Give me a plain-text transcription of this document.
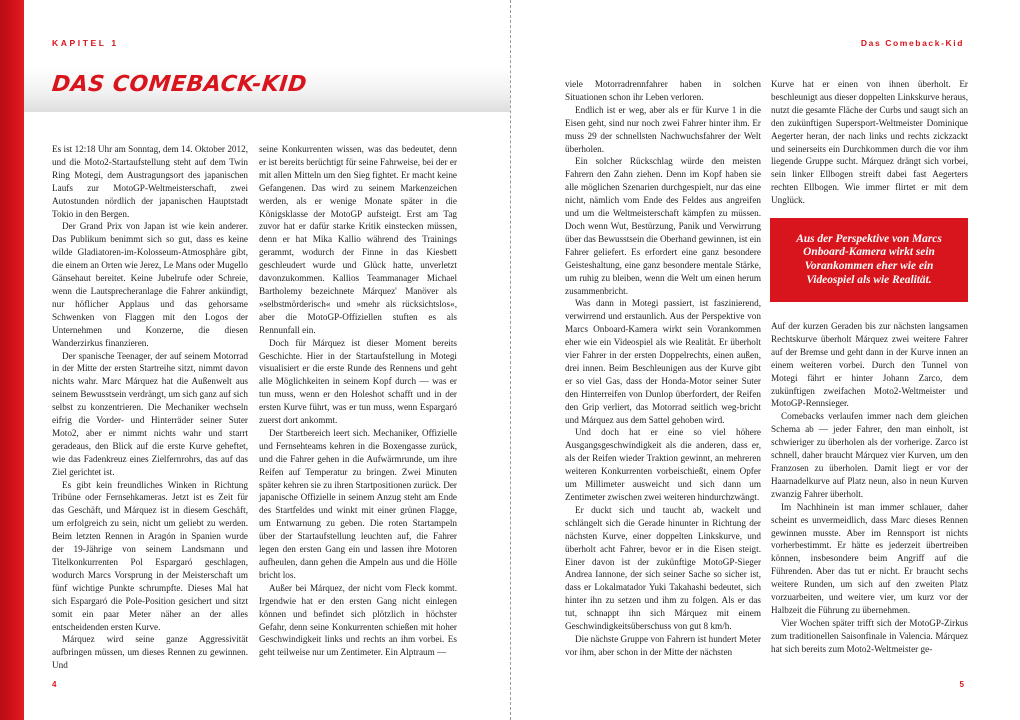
KAPITEL 1	Das Comeback-Kid
DAS COMEBACK-KID

Es ist 12:18 Uhr am Sonntag, dem 14. Oktober 2012, und die Moto2-Startaufstellung steht auf dem Twin Ring Motegi, dem Austragungsort des japanischen Laufs zur MotoGP-Weltmeisterschaft, zwei Autostunden nördlich der japanischen Hauptstadt Tokio in den Bergen.

Der Grand Prix von Japan ist wie kein anderer. Das Publikum benimmt sich so gut, dass es keine wilde Gladiatoren-im-Kolosseum-Atmosphäre gibt, die einem an Orten wie Jerez, Le Mans oder Mugello Gänsehaut bereitet. Keine Jubelrufe oder Schreie, wenn die Lautsprecheranlage die Fahrer ankündigt, nur höflicher Applaus und das gehorsame Schwenken von Flaggen mit den Logos der Unternehmen und Konzerne, die diesen Wanderzirkus finanzieren.

Der spanische Teenager, der auf seinem Motorrad in der Mitte der ersten Startreihe sitzt, nimmt davon nichts wahr. Marc Márquez hat die Außenwelt aus seinem Bewusstsein verdrängt, um sich ganz auf sich selbst zu konzentrieren. Die Mechaniker wechseln eifrig die Vorder- und Hinterräder seiner Suter Moto2, aber er nimmt nichts wahr und starrt geradeaus, den Blick auf die erste Kurve geheftet, wie das Fadenkreuz eines Zielfernrohrs, das auf das Ziel gerichtet ist.

Es gibt kein freundliches Winken in Richtung Tribüne oder Fernsehkameras. Jetzt ist es Zeit für das Geschäft, und Márquez ist in diesem Geschäft, um erfolgreich zu sein, nicht um geliebt zu werden. Beim letzten Rennen in Aragón in Spanien wurde der 19-Jährige von seinem Landsmann und Titelkonkurrenten Pol Espargaró geschlagen, wodurch Marcs Vorsprung in der Meisterschaft um fünf wichtige Punkte schrumpfte. Dieses Mal hat sich Espargaró die Pole-Position gesichert und sitzt somit ein paar Meter näher an der alles entscheidenden ersten Kurve.

Márquez wird seine ganze Aggressivität aufbringen müssen, um dieses Rennen zu gewinnen. Und

seine Konkurrenten wissen, was das bedeutet, denn er ist bereits berüchtigt für seine Fahrweise, bei der er mit allen Mitteln um den Sieg fightet. Er macht keine Gefangenen. Das wird zu seinem Markenzeichen werden, als er wenige Monate später in die Königsklasse der MotoGP aufsteigt. Erst am Tag zuvor hat er dafür starke Kritik einstecken müssen, denn er hat Mika Kallio während des Trainings gerammt, wodurch der Finne in das Kiesbett geschleudert wurde und Glück hatte, unverletzt davonzukommen. Kallios Teammanager Michael Bartholemy bezeichnete Márquez' Manöver als »selbstmörderisch« und »mehr als rücksichtslos«, aber die MotoGP-Offiziellen stuften es als Rennunfall ein.

Doch für Márquez ist dieser Moment bereits Geschichte. Hier in der Startaufstellung in Motegi visualisiert er die erste Runde des Rennens und geht alle Möglichkeiten in seinem Kopf durch — was er tun muss, wenn er den Holeshot schafft und in der ersten Kurve führt, was er tun muss, wenn Espargaró zuerst dort ankommt.

Der Startbereich leert sich. Mechaniker, Offizielle und Fernsehteams kehren in die Boxengasse zurück, und die Fahrer gehen in die Aufwärmrunde, um ihre Reifen auf Temperatur zu bringen. Zwei Minuten später kehren sie zu ihren Startpositionen zurück. Der japanische Offizielle in seinem Anzug steht am Ende des Startfeldes und winkt mit einer grünen Flagge, um Entwarnung zu geben. Die roten Startampeln über der Startaufstellung leuchten auf, die Fahrer legen den ersten Gang ein und lassen ihre Motoren aufheulen, dann gehen die Ampeln aus und die Hölle bricht los.

Außer bei Márquez, der nicht vom Fleck kommt. Irgendwie hat er den ersten Gang nicht einlegen können und befindet sich plötzlich in höchster Gefahr, denn seine Konkurrenten schießen mit hoher Geschwindigkeit links und rechts an ihm vorbei. Es geht teilweise nur um Zentimeter. Ein Alptraum —

viele Motorradrennfahrer haben in solchen Situationen schon ihr Leben verloren.

Endlich ist er weg, aber als er für Kurve 1 in die Eisen geht, sind nur noch zwei Fahrer hinter ihm. Er muss 29 der schnellsten Nachwuchsfahrer der Welt überholen.

Ein solcher Rückschlag würde den meisten Fahrern den Zahn ziehen. Denn im Kopf haben sie alle möglichen Szenarien durchgespielt, nur das eine nicht, nämlich vom Ende des Feldes aus angreifen und um die Weltmeisterschaft kämpfen zu müssen. Doch wenn Wut, Bestürzung, Panik und Verwirrung über das Bewusstsein die Oberhand gewinnen, ist ein Fahrer geliefert. Es erfordert eine ganz besondere Geisteshaltung, eine ganz besondere mentale Stärke, um ruhig zu bleiben, wenn die Welt um einen herum zusammenbricht.

Was dann in Motegi passiert, ist faszinierend, verwirrend und erstaunlich. Aus der Perspektive von Marcs Onboard-Kamera wirkt sein Vorankommen eher wie ein Videospiel als wie Realität. Er überholt vier Fahrer in der ersten Doppelrechts, einen außen, drei innen. Beim Beschleunigen aus der Kurve gibt er so viel Gas, dass der Honda-Motor seiner Suter den Hinterreifen von Dunlop überfordert, der Reifen den Grip verliert, das Motorrad seitlich weg-bricht und Márquez aus dem Sattel gehoben wird.

Und doch hat er eine so viel höhere Ausgangsgeschwindigkeit als die anderen, dass er, als der Reifen wieder Traktion gewinnt, an mehreren weiteren Konkurrenten vorbeischießt, einem Opfer um Millimeter ausweicht und sich dann um Zentimeter zwischen zwei weiteren hindurchzwängt.

Er duckt sich und taucht ab, wackelt und schlängelt sich die Gerade hinunter in Richtung der nächsten Kurve, einer doppelten Linkskurve, und überholt acht Fahrer, bevor er in die Eisen steigt. Einer davon ist der zukünftige MotoGP-Sieger Andrea Iannone, der sich seiner Sache so sicher ist, dass er Lokalmatador Yuki Takahashi bedeutet, sich hinter ihn zu setzen und ihm zu folgen. Als er das tut, schnappt ihn sich Márquez mit einem Geschwindigkeitsüberschuss von gut 8 km/h.

Die nächste Gruppe von Fahrern ist hundert Meter vor ihm, aber schon in der Mitte der nächsten

Kurve hat er einen von ihnen überholt. Er beschleunigt aus dieser doppelten Linkskurve heraus, nutzt die gesamte Fläche der Curbs und saugt sich an den zukünftigen Supersport-Weltmeister Dominique Aegerter heran, der nach links und rechts zickzackt und seinerseits ein Durchkommen durch die vor ihm liegende Gruppe sucht. Márquez drängt sich vorbei, sein linker Ellbogen streift dabei fast Aegerters rechten Ellbogen. Wie immer flirtet er mit dem Unglück.

Aus der Perspektive von Marcs Onboard-Kamera wirkt sein Vorankommen eher wie ein Videospiel als wie Realität.

Auf der kurzen Geraden bis zur nächsten langsamen Rechtskurve überholt Márquez zwei weitere Fahrer auf der Bremse und geht dann in der Kurve innen an einem weiteren vorbei. Durch den Tunnel von Motegi fährt er hinter Johann Zarco, dem zukünftigen zweifachen Moto2-Weltmeister und MotoGP-Rennsieger.

Comebacks verlaufen immer nach dem gleichen Schema ab — jeder Fahrer, den man einholt, ist schwieriger zu überholen als der vorherige. Zarco ist schnell, daher braucht Márquez vier Kurven, um den Franzosen zu überholen. Damit liegt er vor der Haarnadelkurve auf Platz neun, also in neun Kurven zwanzig Fahrer überholt.

Im Nachhinein ist man immer schlauer, daher scheint es unvermeidlich, dass Marc dieses Rennen gewinnen musste. Aber im Rennsport ist nichts vorherbestimmt. Er hätte es jederzeit übertreiben können, insbesondere beim Angriff auf die Führenden. Aber das tut er nicht. Er braucht sechs weitere Runden, um sich auf den zweiten Platz vorzuarbeiten, und weitere vier, um kurz vor der Halbzeit die Führung zu übernehmen.

Vier Wochen später trifft sich der MotoGP-Zirkus zum traditionellen Saisonfinale in Valencia. Márquez hat sich bereits zum Moto2-Weltmeister ge-

4	5
